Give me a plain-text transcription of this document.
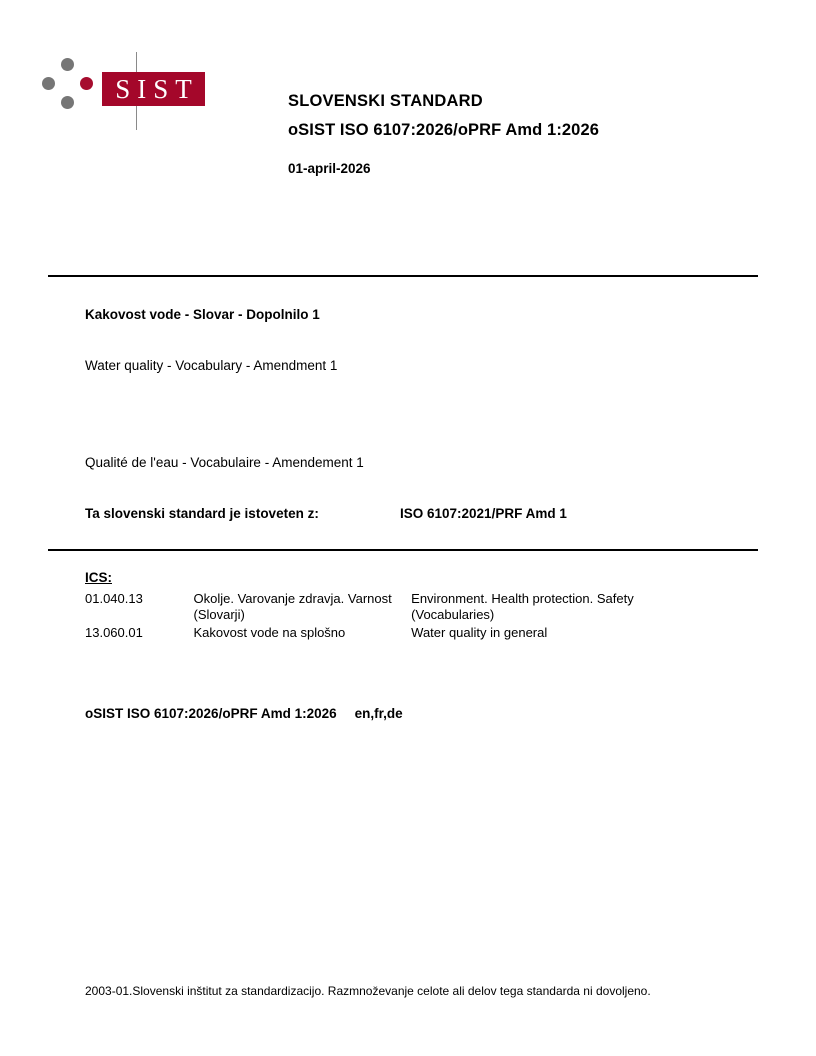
SIST	SLOVENSKI STANDARD
oSIST ISO 6107:2026/oPRF Amd 1:2026
01-april-2026
Kakovost vode - Slovar - Dopolnilo 1
Water quality - Vocabulary - Amendment 1
Qualité de l'eau - Vocabulaire - Amendement 1
Ta slovenski standard je istoveten z:	ISO 6107:2021/PRF Amd 1
ICS:
01.040.13	Okolje. Varovanje zdravja. Varnost (Slovarji)	Environment. Health protection. Safety (Vocabularies)
13.060.01	Kakovost vode na splošno	Water quality in general
oSIST ISO 6107:2026/oPRF Amd 1:2026 en,fr,de
2003-01.Slovenski inštitut za standardizacijo. Razmnoževanje celote ali delov tega standarda ni dovoljeno.
